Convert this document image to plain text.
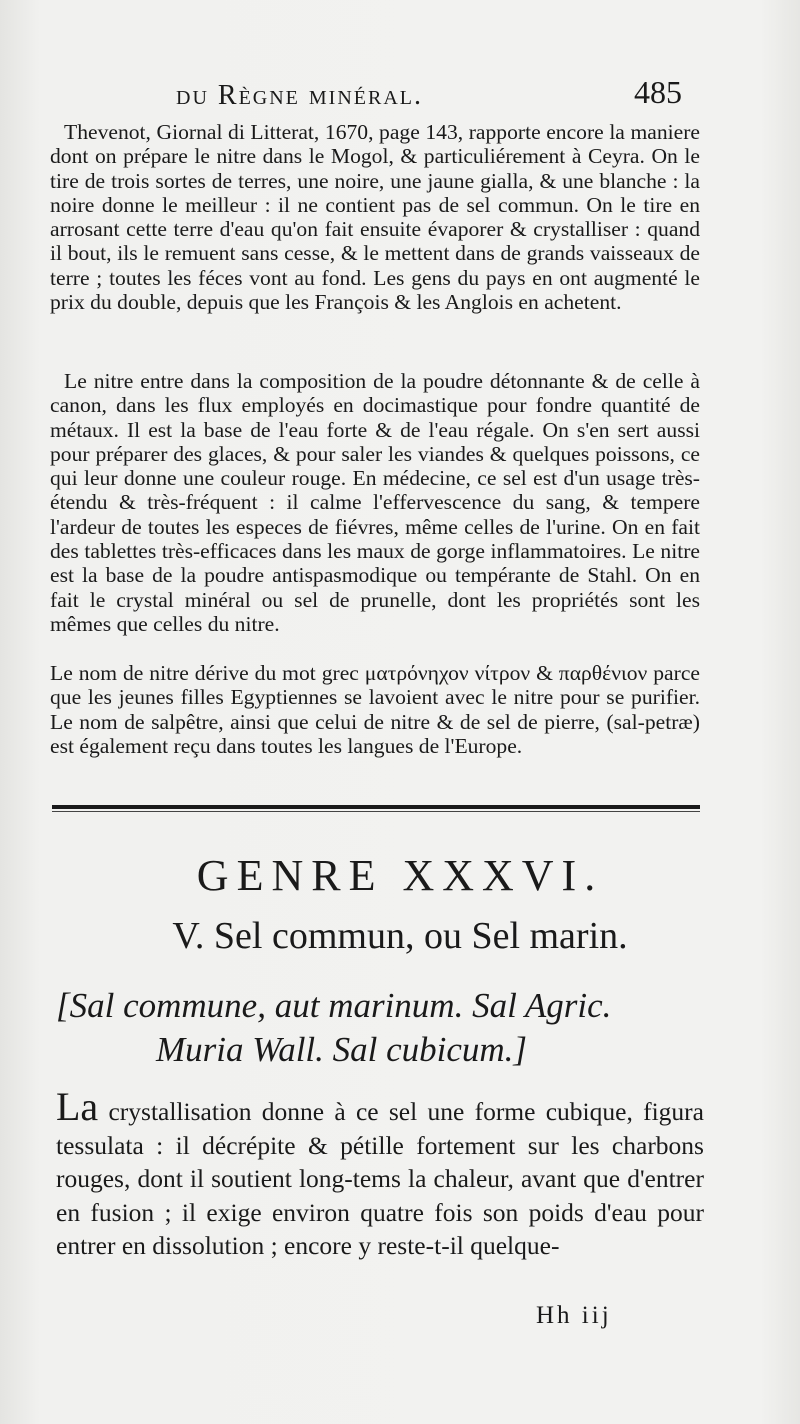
du Règne minéral.	485

Thevenot, Giornal di Litterat, 1670, page 143, rapporte encore la maniere dont on prépare le nitre dans le Mogol, & particuliérement à Ceyra. On le tire de trois sortes de terres, une noire, une jaune gialla, & une blanche : la noire donne le meilleur : il ne contient pas de sel commun. On le tire en arrosant cette terre d'eau qu'on fait ensuite évaporer & crystalliser : quand il bout, ils le remuent sans cesse, & le mettent dans de grands vaisseaux de terre ; toutes les féces vont au fond. Les gens du pays en ont augmenté le prix du double, depuis que les François & les Anglois en achetent.

Le nitre entre dans la composition de la poudre détonnante & de celle à canon, dans les flux employés en docimastique pour fondre quantité de métaux. Il est la base de l'eau forte & de l'eau régale. On s'en sert aussi pour préparer des glaces, & pour saler les viandes & quelques poissons, ce qui leur donne une couleur rouge. En médecine, ce sel est d'un usage très-étendu & très-fréquent : il calme l'effervescence du sang, & tempere l'ardeur de toutes les especes de fiévres, même celles de l'urine. On en fait des tablettes très-efficaces dans les maux de gorge inflammatoires. Le nitre est la base de la poudre antispasmodique ou tempérante de Stahl. On en fait le crystal minéral ou sel de prunelle, dont les propriétés sont les mêmes que celles du nitre.

Le nom de nitre dérive du mot grec ματρόνηχον νίτρον & παρθένιον parce que les jeunes filles Egyptiennes se lavoient avec le nitre pour se purifier. Le nom de salpêtre, ainsi que celui de nitre & de sel de pierre, (sal-petræ) est également reçu dans toutes les langues de l'Europe.

GENRE XXXVI.
V. Sel commun, ou Sel marin.
[Sal commune, aut marinum. Sal Agric.
Muria Wall. Sal cubicum.]

La crystallisation donne à ce sel une forme cubique, figura tessulata : il décrépite & pétille fortement sur les charbons rouges, dont il soutient long-tems la chaleur, avant que d'entrer en fusion ; il exige environ quatre fois son poids d'eau pour entrer en dissolution ; encore y reste-t-il quelque-

Hh iij
